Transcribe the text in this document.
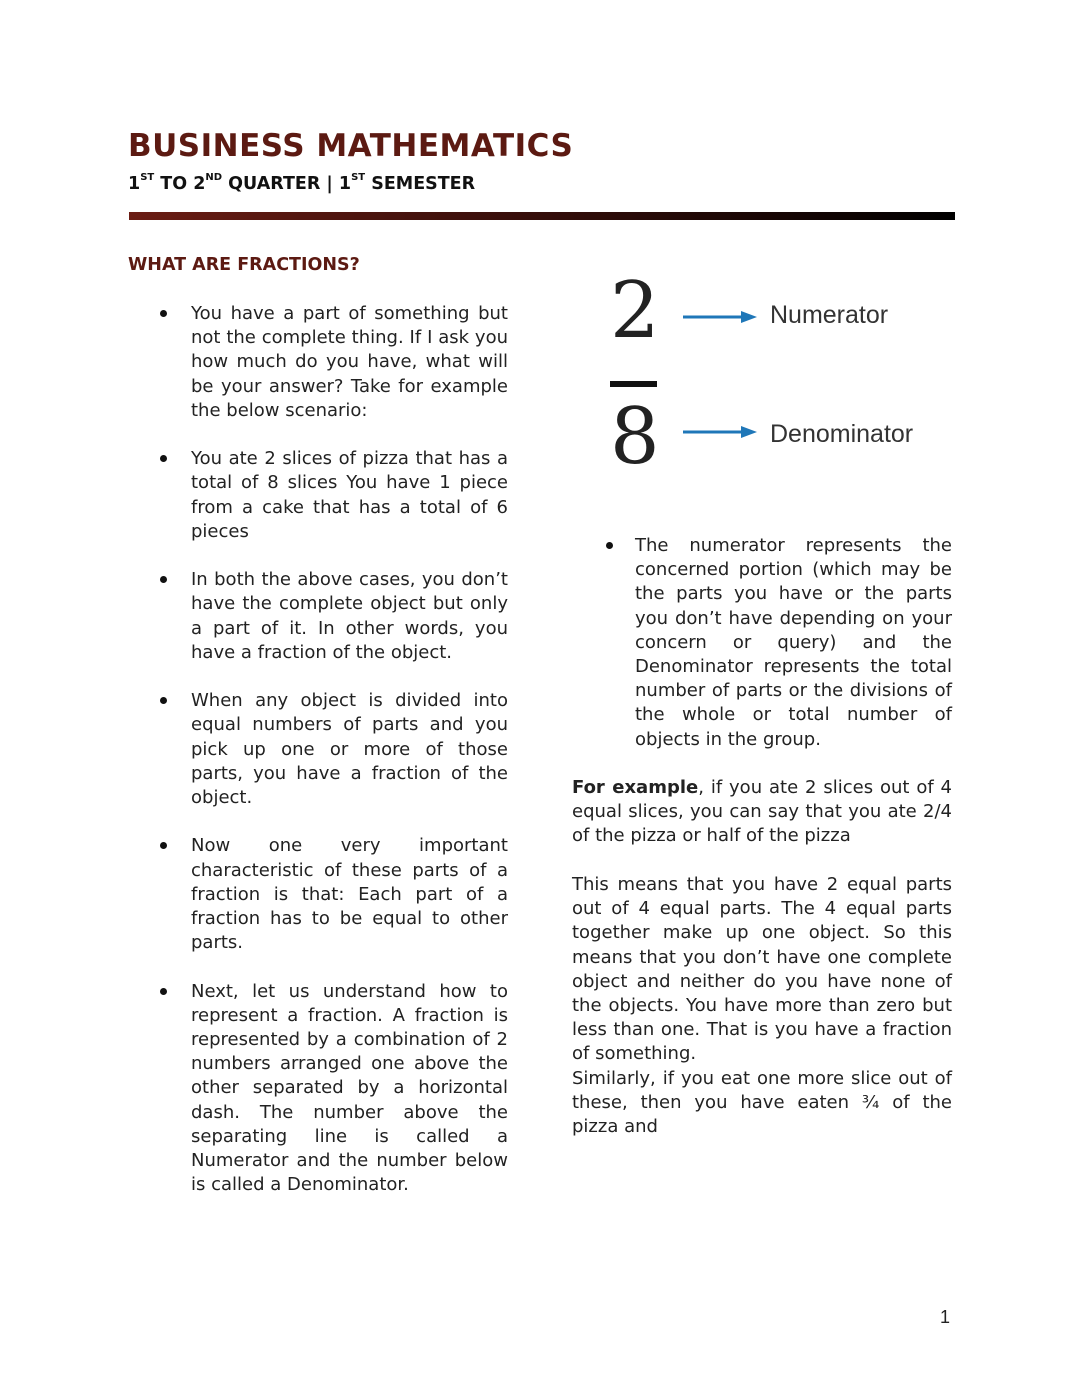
BUSINESS MATHEMATICS

1ST TO 2ND QUARTER | 1ST SEMESTER

WHAT ARE FRACTIONS?
You have a part of something but not the complete thing. If I ask you how much do you have, what will be your answer? Take for example the below scenario:
You ate 2 slices of pizza that has a total of 8 slices You have 1 piece from a cake that has a total of 6 pieces
In both the above cases, you don’t have the complete object but only a part of it. In other words, you have a fraction of the object.
When any object is divided into equal numbers of parts and you pick up one or more of those parts, you have a fraction of the object.
Now one very important characteristic of these parts of a fraction is that: Each part of a fraction has to be equal to other parts.
Next, let us understand how to represent a fraction. A fraction is represented by a combination of 2 numbers arranged one above the other separated by a horizontal dash. The number above the separating line is called a Numerator and the number below is called a Denominator.
2
8
Numerator
Denominator
The numerator represents the concerned portion (which may be the parts you have or the parts you don’t have depending on your concern or query) and the Denominator represents the total number of parts or the divisions of the whole or total number of objects in the group.

For example, if you ate 2 slices out of 4 equal slices, you can say that you ate 2/4 of the pizza or half of the pizza

This means that you have 2 equal parts out of 4 equal parts. The 4 equal parts together make up one object. So this means that you don’t have one complete object and neither do you have none of the objects. You have more than zero but less than one. That is you have a fraction of something.

Similarly, if you eat one more slice out of these, then you have eaten ¾ of the pizza and

1
